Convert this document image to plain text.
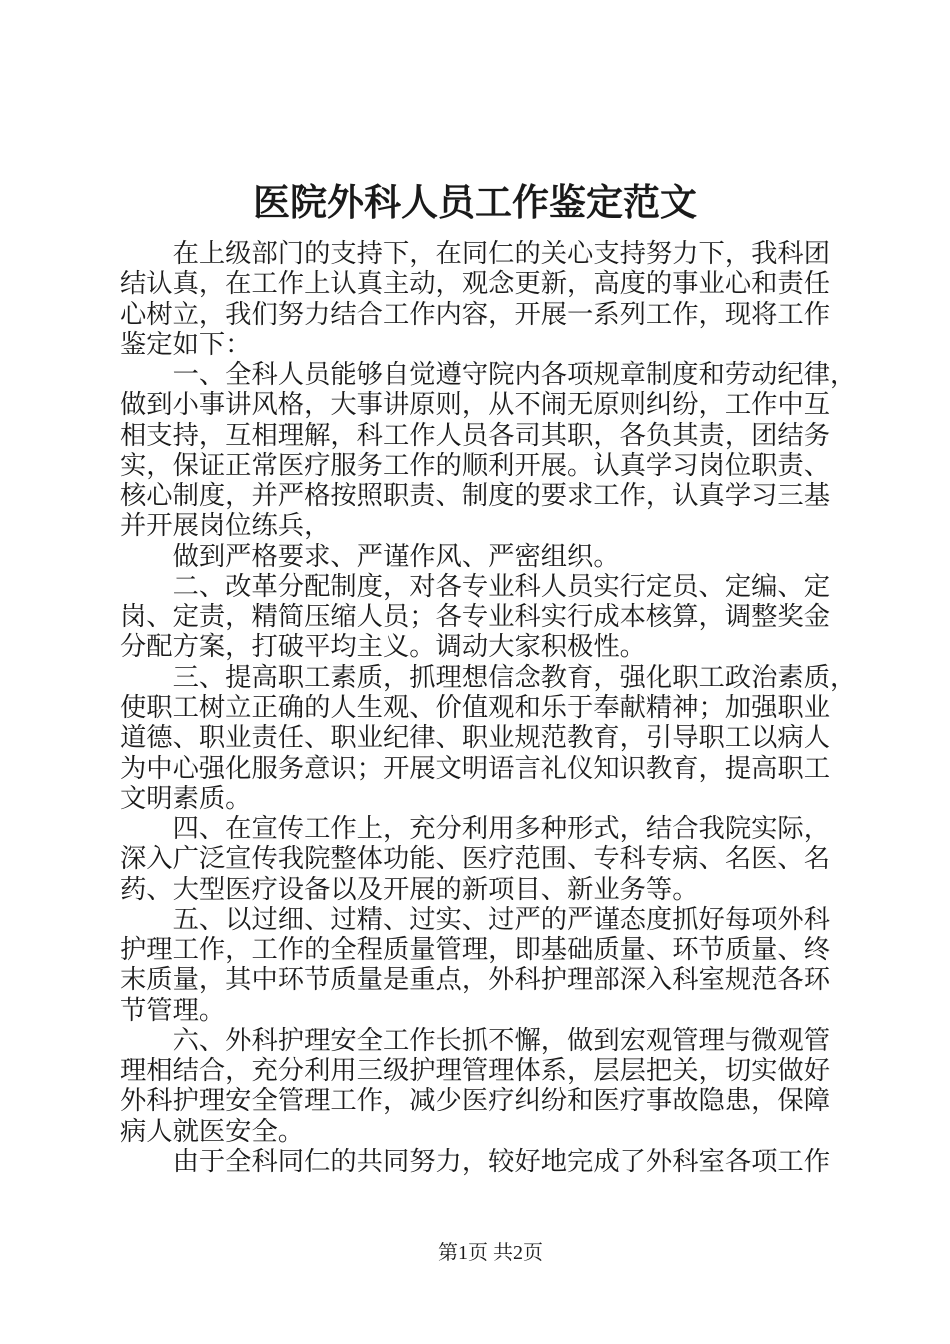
医院外科人员工作鉴定范文

　　在上级部门的支持下，在同仁的关心支持努力下，我科团
结认真，在工作上认真主动，观念更新，高度的事业心和责任
心树立，我们努力结合工作内容，开展一系列工作，现将工作
鉴定如下：

　　一、全科人员能够自觉遵守院内各项规章制度和劳动纪律，
做到小事讲风格，大事讲原则，从不闹无原则纠纷，工作中互
相支持，互相理解，科工作人员各司其职，各负其责，团结务
实，保证正常医疗服务工作的顺利开展。认真学习岗位职责、
核心制度，并严格按照职责、制度的要求工作，认真学习三基
并开展岗位练兵，

　　做到严格要求、严谨作风、严密组织。

　　二、改革分配制度，对各专业科人员实行定员、定编、定
岗、定责，精简压缩人员；各专业科实行成本核算，调整奖金
分配方案，打破平均主义。调动大家积极性。

　　三、提高职工素质，抓理想信念教育，强化职工政治素质，
使职工树立正确的人生观、价值观和乐于奉献精神；加强职业
道德、职业责任、职业纪律、职业规范教育，引导职工以病人
为中心强化服务意识；开展文明语言礼仪知识教育，提高职工
文明素质。

　　四、在宣传工作上，充分利用多种形式，结合我院实际，
深入广泛宣传我院整体功能、医疗范围、专科专病、名医、名
药、大型医疗设备以及开展的新项目、新业务等。

　　五、以过细、过精、过实、过严的严谨态度抓好每项外科
护理工作，工作的全程质量管理，即基础质量、环节质量、终
末质量，其中环节质量是重点，外科护理部深入科室规范各环
节管理。

　　六、外科护理安全工作长抓不懈，做到宏观管理与微观管
理相结合，充分利用三级护理管理体系，层层把关，切实做好
外科护理安全管理工作，减少医疗纠纷和医疗事故隐患，保障
病人就医安全。

　　由于全科同仁的共同努力，较好地完成了外科室各项工作

第1页 共2页
